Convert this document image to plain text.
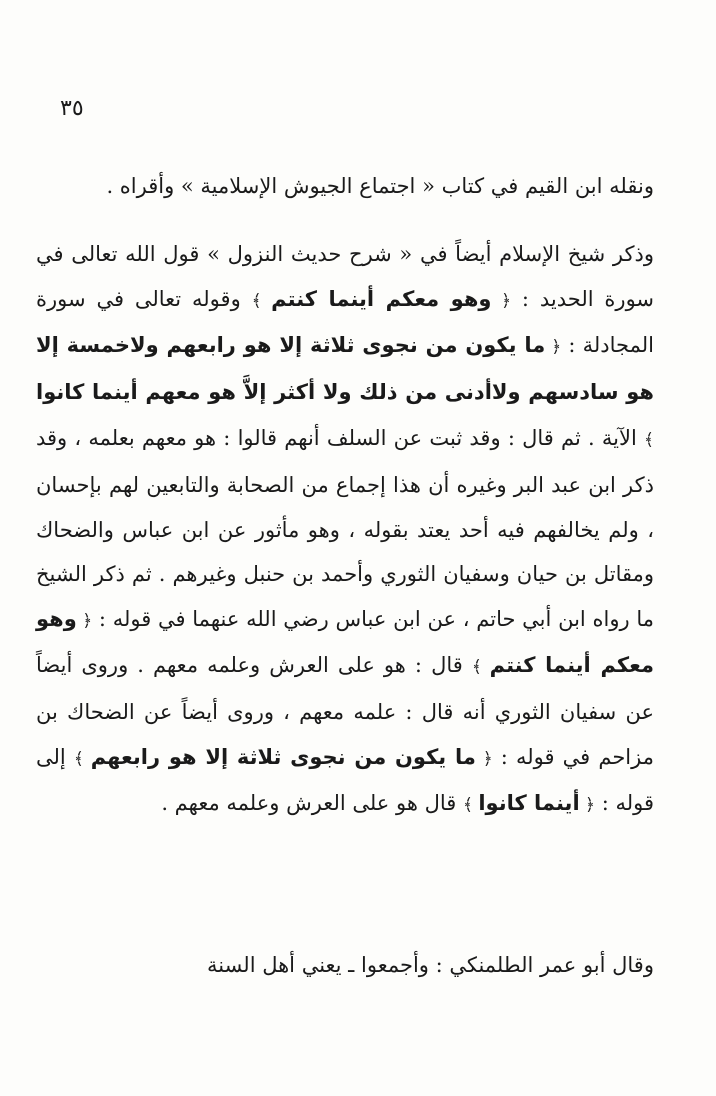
٣٥
ونقله ابن القيم في كتاب « اجتماع الجيوش الإسلامية » وأقراه .
وذكر شيخ الإسلام أيضاً في « شرح حديث النزول » قول الله تعالى في سورة الحديد : ﴿ وهو معكم أينما كنتم ﴾ وقوله تعالى في سورة المجادلة : ﴿ ما يكون من نجوى ثلاثة إلا هو رابعهم ولاخمسة إلا هو سادسهم ولاأدنى من ذلك ولا أكثر إلاَّ هو معهم أينما كانوا ﴾ الآية . ثم قال : وقد ثبت عن السلف أنهم قالوا : هو معهم بعلمه ، وقد ذكر ابن عبد البر وغيره أن هذا إجماع من الصحابة والتابعين لهم بإحسان ، ولم يخالفهم فيه أحد يعتد بقوله ، وهو مأثور عن ابن عباس والضحاك ومقاتل بن حيان وسفيان الثوري وأحمد بن حنبل وغيرهم . ثم ذكر الشيخ ما رواه ابن أبي حاتم ، عن ابن عباس رضي الله عنهما في قوله : ﴿ وهو معكم أينما كنتم ﴾ قال : هو على العرش وعلمه معهم . وروى أيضاً عن سفيان الثوري أنه قال : علمه معهم ، وروى أيضاً عن الضحاك بن مزاحم في قوله : ﴿ ما يكون من نجوى ثلاثة إلا هو رابعهم ﴾ إلى قوله : ﴿ أينما كانوا ﴾ قال هو على العرش وعلمه معهم .
وقال أبو عمر الطلمنكي : وأجمعوا ـ يعني أهل السنة
